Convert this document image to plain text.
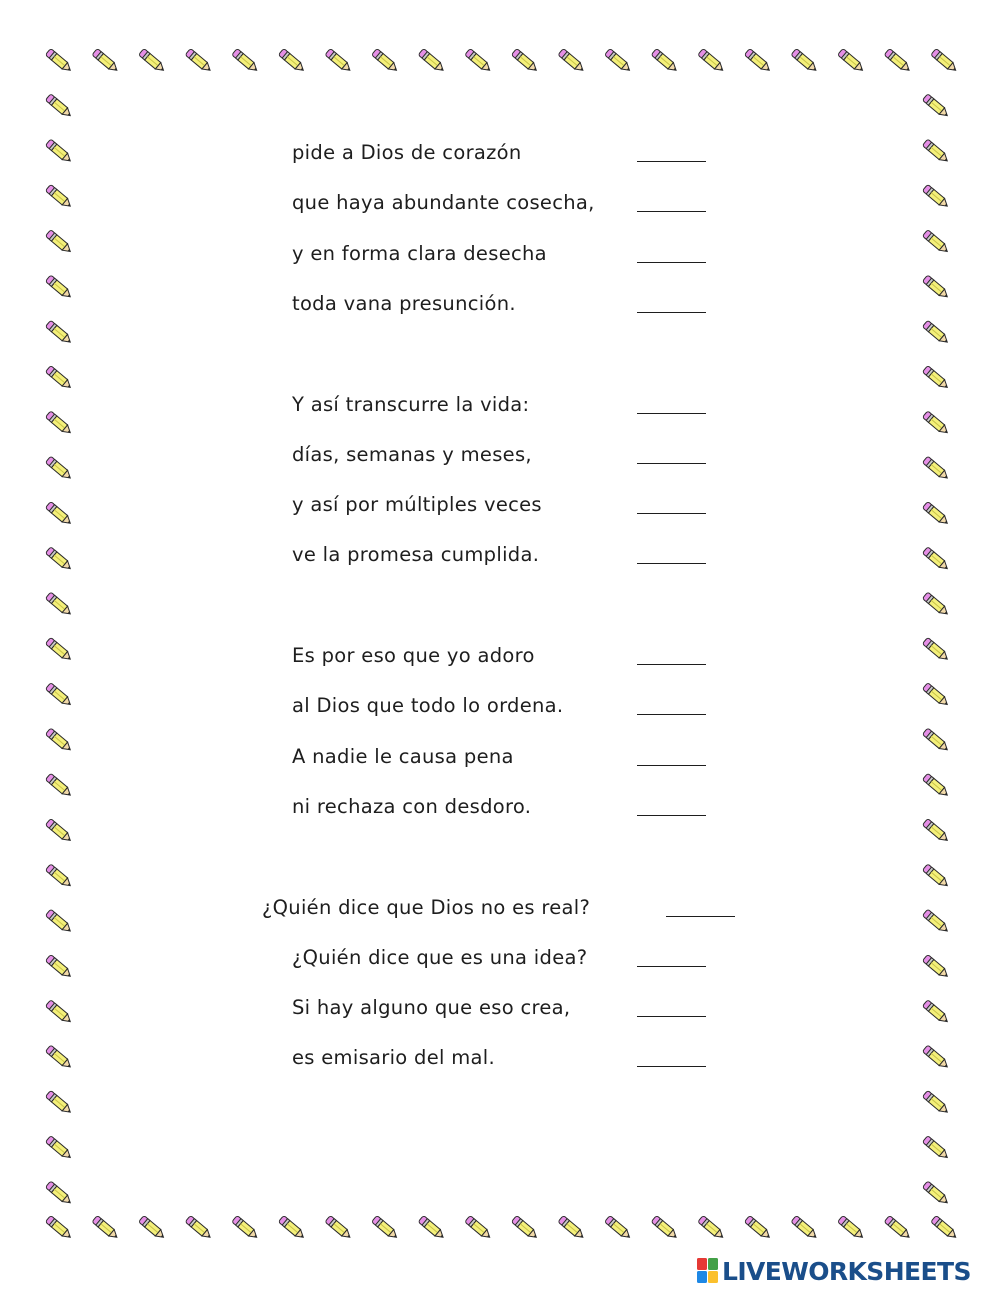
pide a Dios de corazón
que haya abundante cosecha,
y en forma clara desecha
toda vana presunción.
Y así transcurre la vida:
días, semanas y meses,
y así por múltiples veces
ve la promesa cumplida.
Es por eso que yo adoro
al Dios que todo lo ordena.
A nadie le causa pena
ni rechaza con desdoro.
¿Quién dice que Dios no es real?
¿Quién dice que es una idea?
Si hay alguno que eso crea,
es emisario del mal.
LIVEWORKSHEETS
